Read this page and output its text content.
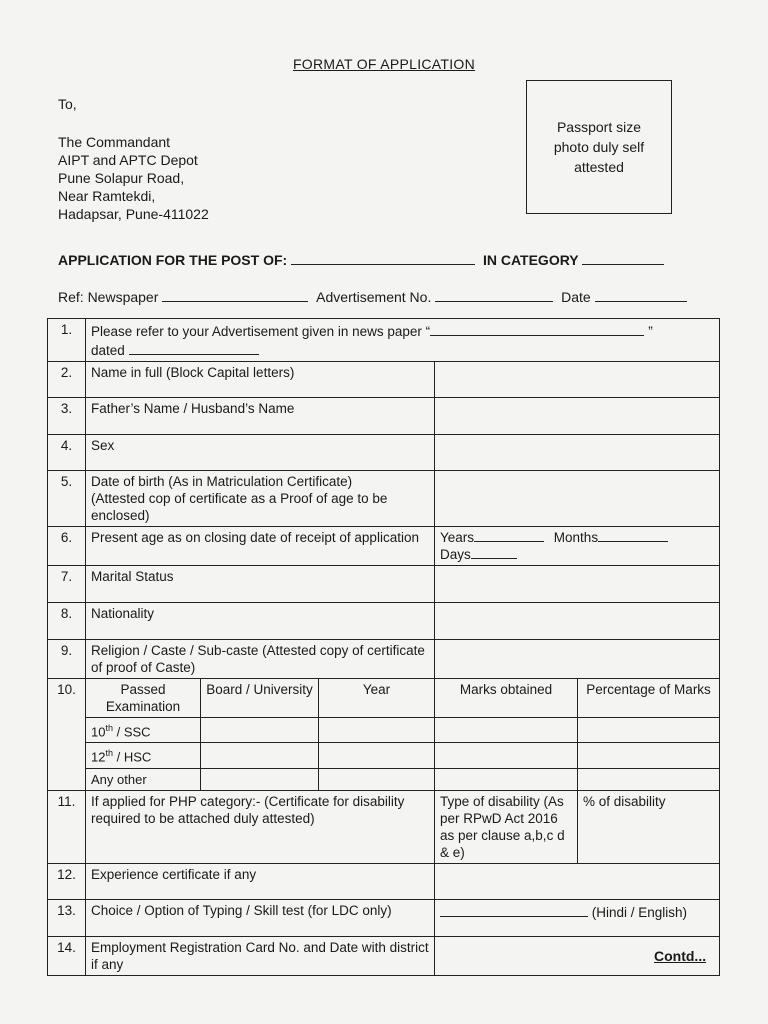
FORMAT OF APPLICATION
To,
The Commandant
AIPT and APTC Depot
Pune Solapur Road,
Near Ramtekdi,
Hadapsar, Pune-411022
Passport size
photo duly self
attested
APPLICATION FOR THE POST OF:	IN CATEGORY
Ref: Newspaper	Advertisement No.	Date
1.	Please refer to your Advertisement given in news paper “ ”
dated				
2.	Name in full (Block Capital letters)				
3.	Father’s Name / Husband’s Name				
4.	Sex				
5.	Date of birth (As in Matriculation Certificate)
(Attested cop of certificate as a Proof of age to be enclosed)				

6.	Present age as on closing date of receipt of application			Years Months
Days	
7.	Marital Status				
8.	Nationality				
9.	Religion / Caste / Sub-caste (Attested copy of certificate of proof of Caste)				
10.	Passed Examination	Board / University	Year	Marks obtained	Percentage of Marks
	10th / SSC				
	12th / HSC				
	Any other				
11.	If applied for PHP category:- (Certificate for disability required to be attached duly attested)			Type of disability (As per RPwD Act 2016 as per clause a,b,c d & e)	% of disability
12.	Experience certificate if any				
13.	Choice / Option of Typing / Skill test (for LDC only)			(Hindi / English)	
14.	Employment Registration Card No. and Date with district if any				
Contd...
